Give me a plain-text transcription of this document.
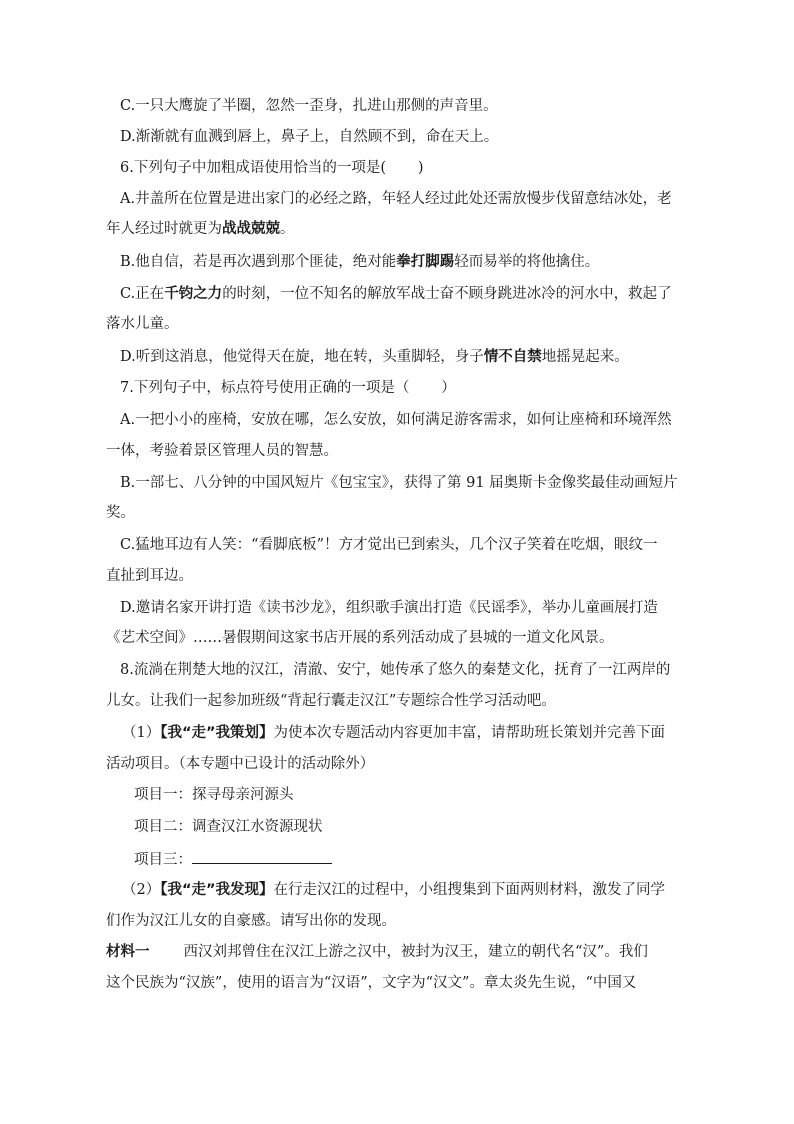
C.一只大鹰旋了半圈，忽然一歪身，扎进山那侧的声音里。
D.渐渐就有血溅到唇上，鼻子上，自然顾不到，命在天上。
6.下列句子中加粗成语使用恰当的一项是( )
A.井盖所在位置是进出家门的必经之路，年轻人经过此处还需放慢步伐留意结冰处，老
年人经过时就更为战战兢兢。
B.他自信，若是再次遇到那个匪徒，绝对能拳打脚踢轻而易举的将他擒住。
C.正在千钧之力的时刻，一位不知名的解放军战士奋不顾身跳进冰冷的河水中，救起了
落水儿童。
D.听到这消息，他觉得天在旋，地在转，头重脚轻，身子情不自禁地摇晃起来。
7.下列句子中，标点符号使用正确的一项是（ ）
A.一把小小的座椅，安放在哪，怎么安放，如何满足游客需求，如何让座椅和环境浑然
一体，考验着景区管理人员的智慧。
B.一部七、八分钟的中国风短片《包宝宝》，获得了第 91 届奥斯卡金像奖最佳动画短片
奖。
C.猛地耳边有人笑：“看脚底板”！方才觉出已到索头，几个汉子笑着在吃烟，眼纹一
直扯到耳边。
D.邀请名家开讲打造《读书沙龙》，组织歌手演出打造《民谣季》，举办儿童画展打造
《艺术空间》……暑假期间这家书店开展的系列活动成了县城的一道文化风景。
8.流淌在荆楚大地的汉江，清澈、安宁，她传承了悠久的秦楚文化，抚育了一江两岸的
儿女。让我们一起参加班级“背起行囊走汉江”专题综合性学习活动吧。
（1）【我“走”我策划】为使本次专题活动内容更加丰富，请帮助班长策划并完善下面
活动项目。（本专题中已设计的活动除外）
项目一：探寻母亲河源头
项目二：调查汉江水资源现状
项目三：
（2）【我“走”我发现】在行走汉江的过程中，小组搜集到下面两则材料，激发了同学
们作为汉江儿女的自豪感。请写出你的发现。
材料一 西汉刘邦曾住在汉江上游之汉中，被封为汉王，建立的朝代名“汉”。我们
这个民族为“汉族”，使用的语言为“汉语”，文字为“汉文”。章太炎先生说，“中国又
